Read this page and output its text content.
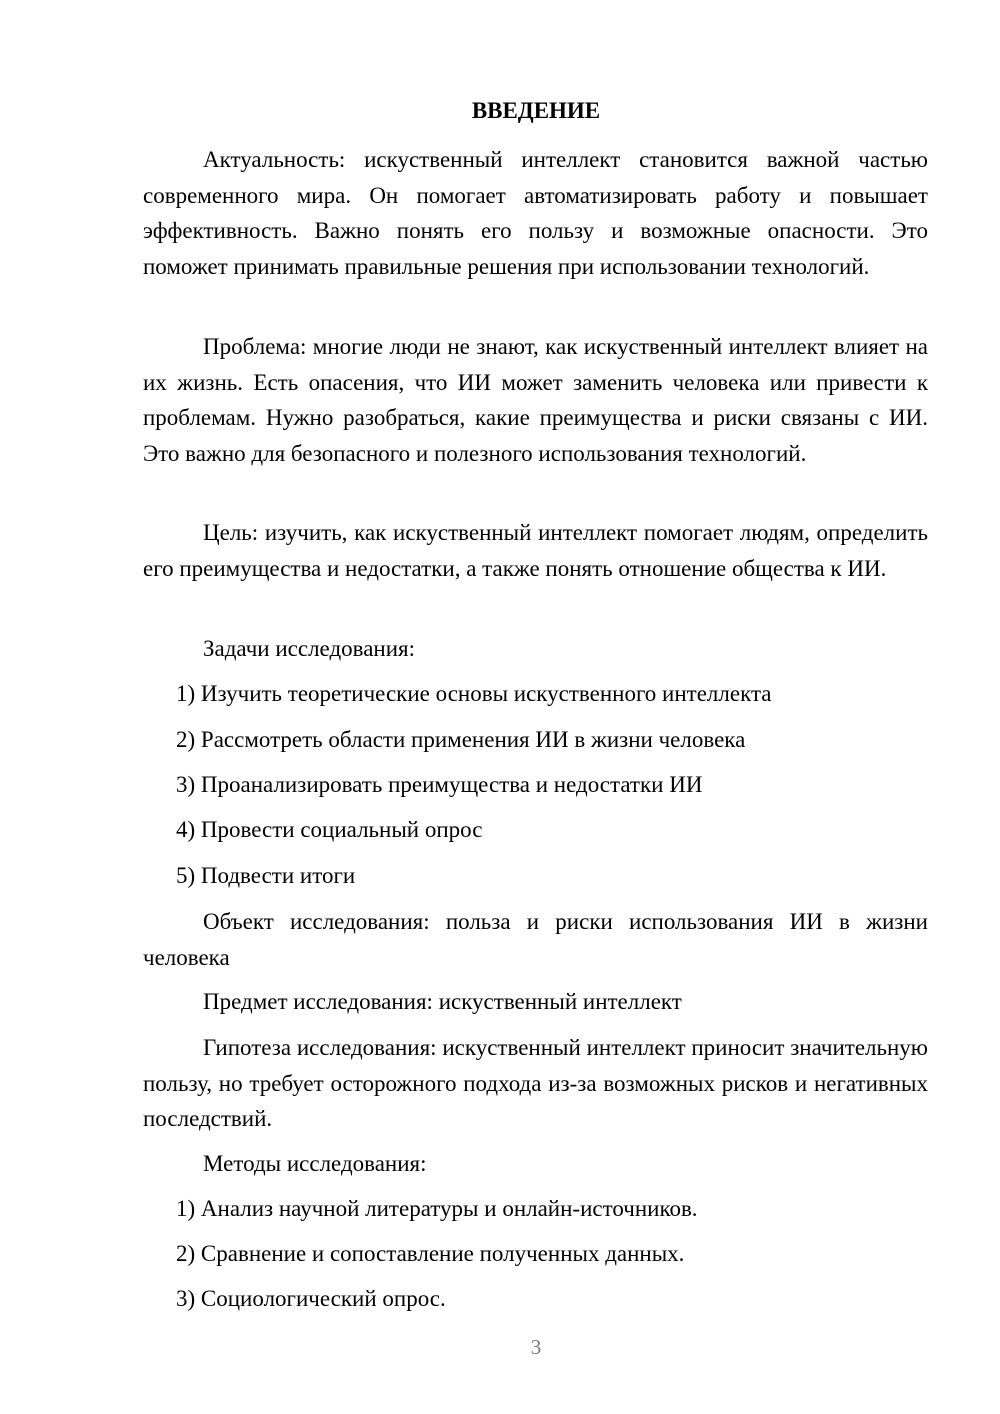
ВВЕДЕНИЕ

Актуальность: искуственный интеллект становится важной частью современного мира. Он помогает автоматизировать работу и повышает эффективность. Важно понять его пользу и возможные опасности. Это поможет принимать правильные решения при использовании технологий.

Проблема: многие люди не знают, как искуственный интеллект влияет на их жизнь. Есть опасения, что ИИ может заменить человека или привести к проблемам. Нужно разобраться, какие преимущества и риски связаны с ИИ. Это важно для безопасного и полезного использования технологий.

Цель: изучить, как искуственный интеллект помогает людям, определить его преимущества и недостатки, а также понять отношение общества к ИИ.

Задачи исследования:

1) Изучить теоретические основы искуственного интеллекта

2) Рассмотреть области применения ИИ в жизни человека

3) Проанализировать преимущества и недостатки ИИ

4) Провести социальный опрос

5) Подвести итоги

Объект исследования: польза и риски использования ИИ в жизни человека

Предмет исследования: искуственный интеллект

Гипотеза исследования: искуственный интеллект приносит значительную пользу, но требует осторожного подхода из-за возможных рисков и негативных последствий.

Методы исследования:

1) Анализ научной литературы и онлайн-источников.

2) Сравнение и сопоставление полученных данных.

3) Социологический опрос.

3
